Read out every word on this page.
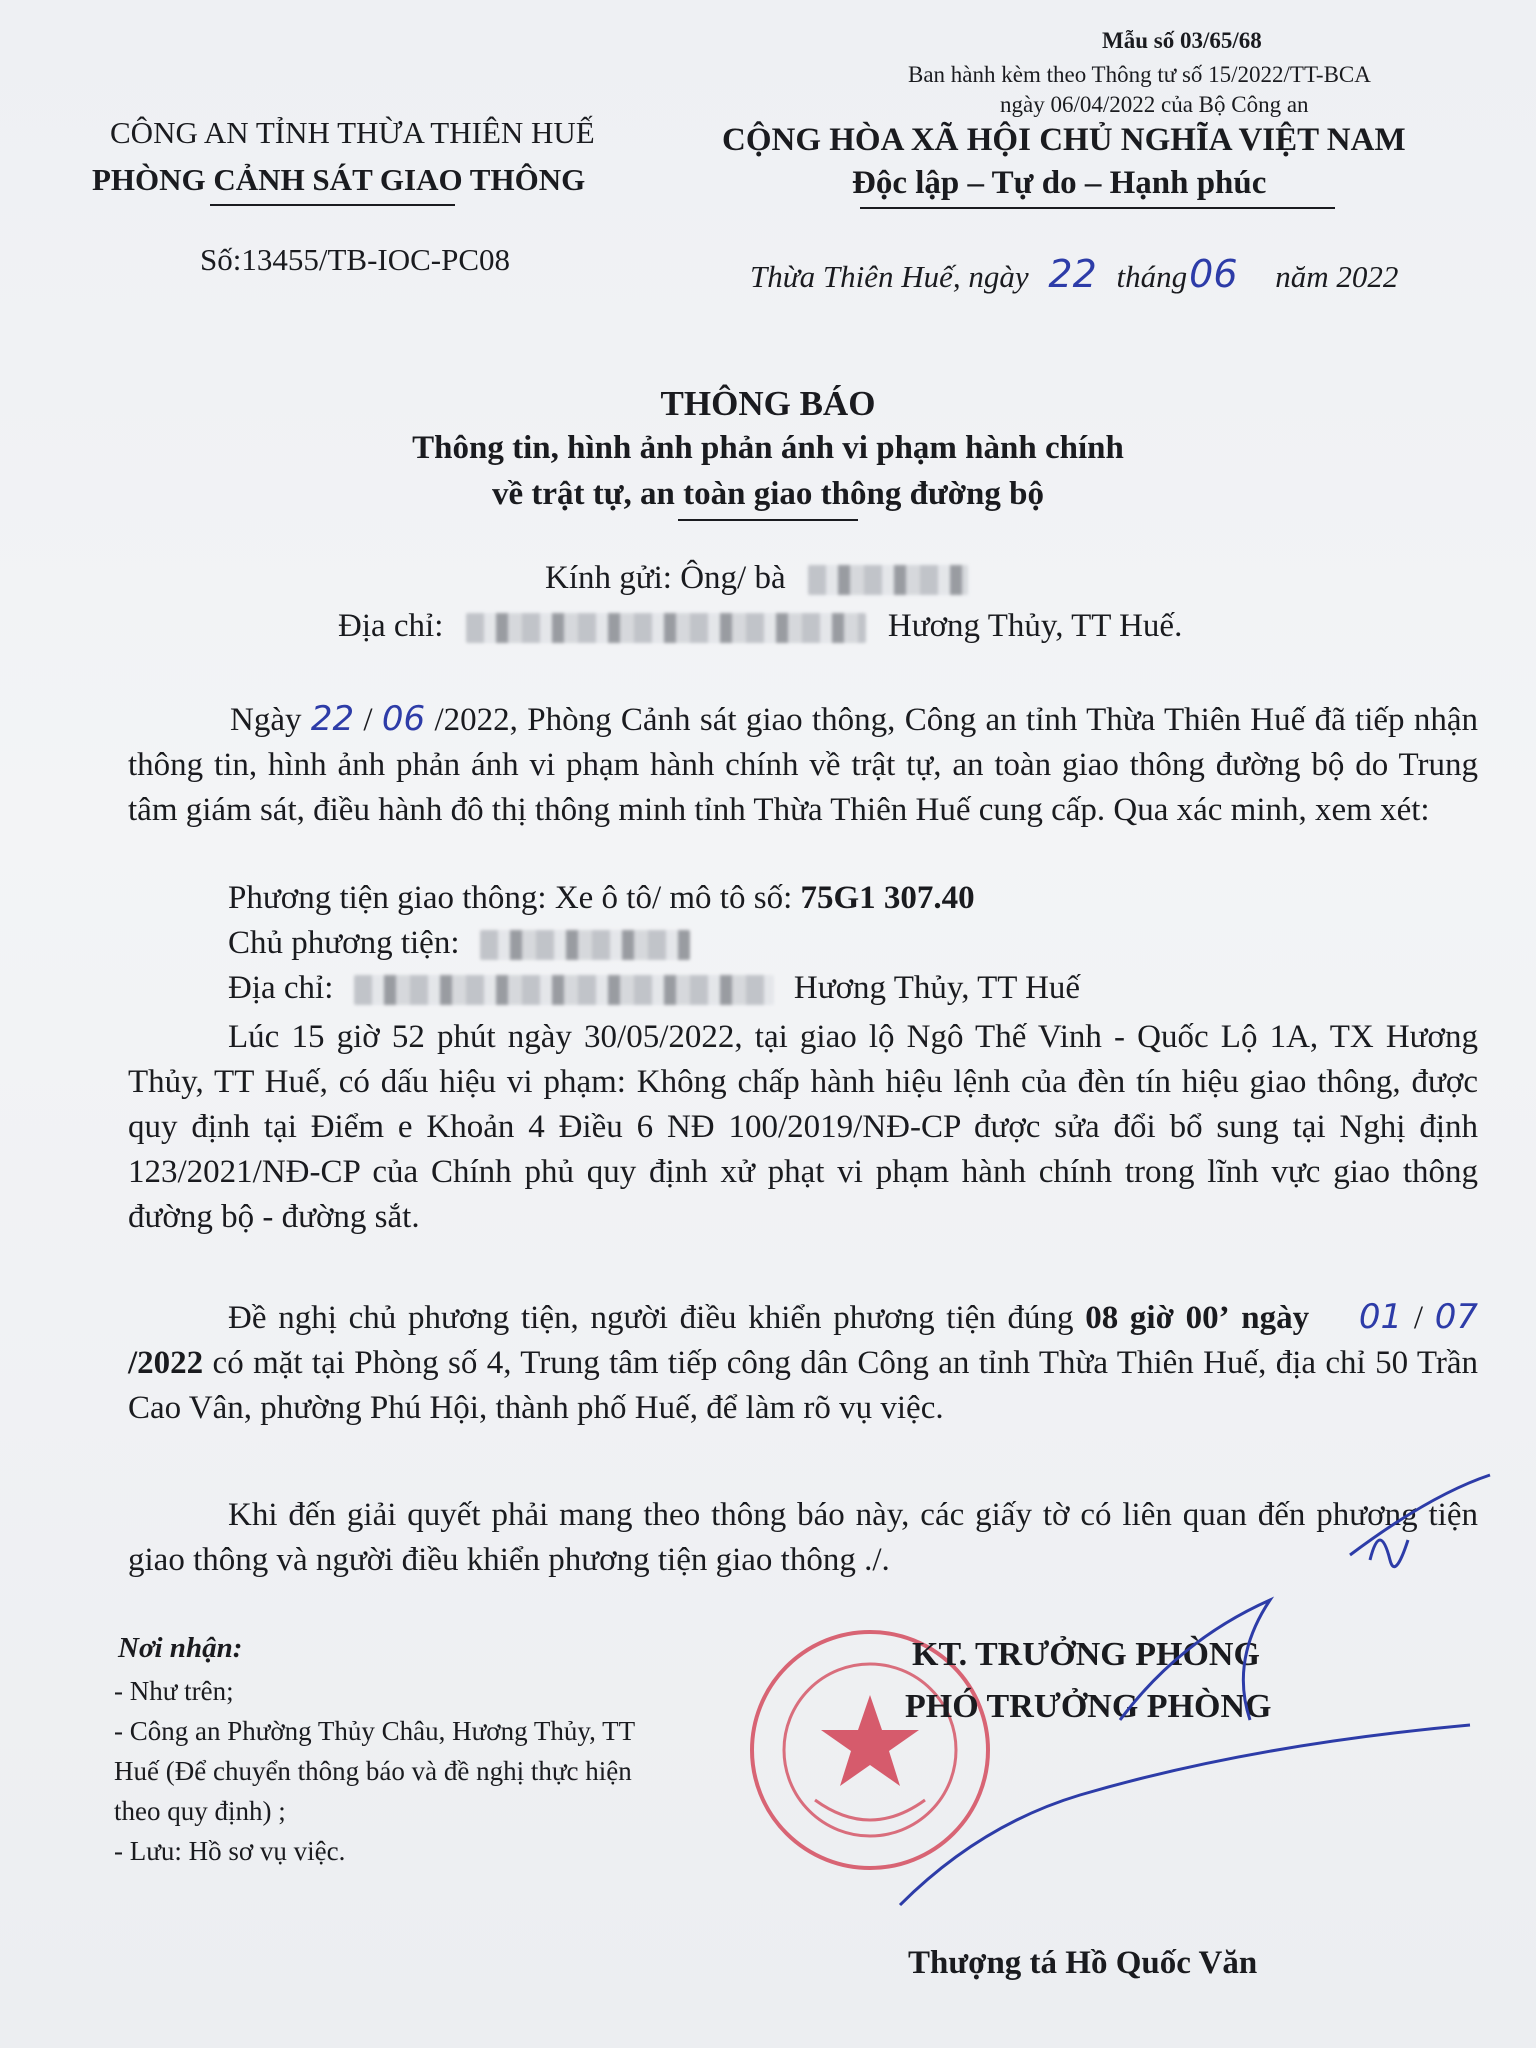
Mẫu số 03/65/68
Ban hành kèm theo Thông tư số 15/2022/TT-BCA
ngày 06/04/2022 của Bộ Công an
CÔNG AN TỈNH THỪA THIÊN HUẾ
PHÒNG CẢNH SÁT GIAO THÔNG
Số:13455/TB-IOC-PC08
CỘNG HÒA XÃ HỘI CHỦ NGHĨA VIỆT NAM
Độc lập – Tự do – Hạnh phúc
Thừa Thiên Huế, ngày 22 tháng06 năm 2022
THÔNG BÁO
Thông tin, hình ảnh phản ánh vi phạm hành chính
về trật tự, an toàn giao thông đường bộ
Kính gửi: Ông/ bà
Địa chỉ:	Hương Thủy, TT Huế.

Ngày 22 / 06 /2022, Phòng Cảnh sát giao thông, Công an tỉnh Thừa Thiên Huế đã tiếp nhận thông tin, hình ảnh phản ánh vi phạm hành chính về trật tự, an toàn giao thông đường bộ do Trung tâm giám sát, điều hành đô thị thông minh tỉnh Thừa Thiên Huế cung cấp. Qua xác minh, xem xét:

Phương tiện giao thông: Xe ô tô/ mô tô số: 75G1 307.40
Chủ phương tiện:
Địa chỉ:	Hương Thủy, TT Huế

Lúc 15 giờ 52 phút ngày 30/05/2022, tại giao lộ Ngô Thế Vinh - Quốc Lộ 1A, TX Hương Thủy, TT Huế, có dấu hiệu vi phạm: Không chấp hành hiệu lệnh của đèn tín hiệu giao thông, được quy định tại Điểm e Khoản 4 Điều 6 NĐ 100/2019/NĐ-CP được sửa đổi bổ sung tại Nghị định 123/2021/NĐ-CP của Chính phủ quy định xử phạt vi phạm hành chính trong lĩnh vực giao thông đường bộ - đường sắt.

Đề nghị chủ phương tiện, người điều khiển phương tiện đúng 08 giờ 00’ ngày 01 / 07 /2022 có mặt tại Phòng số 4, Trung tâm tiếp công dân Công an tỉnh Thừa Thiên Huế, địa chỉ 50 Trần Cao Vân, phường Phú Hội, thành phố Huế, để làm rõ vụ việc.

Khi đến giải quyết phải mang theo thông báo này, các giấy tờ có liên quan đến phương tiện giao thông và người điều khiển phương tiện giao thông ./.

Nơi nhận:
- Như trên;
- Công an Phường Thủy Châu, Hương Thủy, TT
Huế (Để chuyển thông báo và đề nghị thực hiện
theo quy định) ;
- Lưu: Hồ sơ vụ việc.
KT. TRƯỞNG PHÒNG
PHÓ TRƯỞNG PHÒNG
Thượng tá Hồ Quốc Văn
